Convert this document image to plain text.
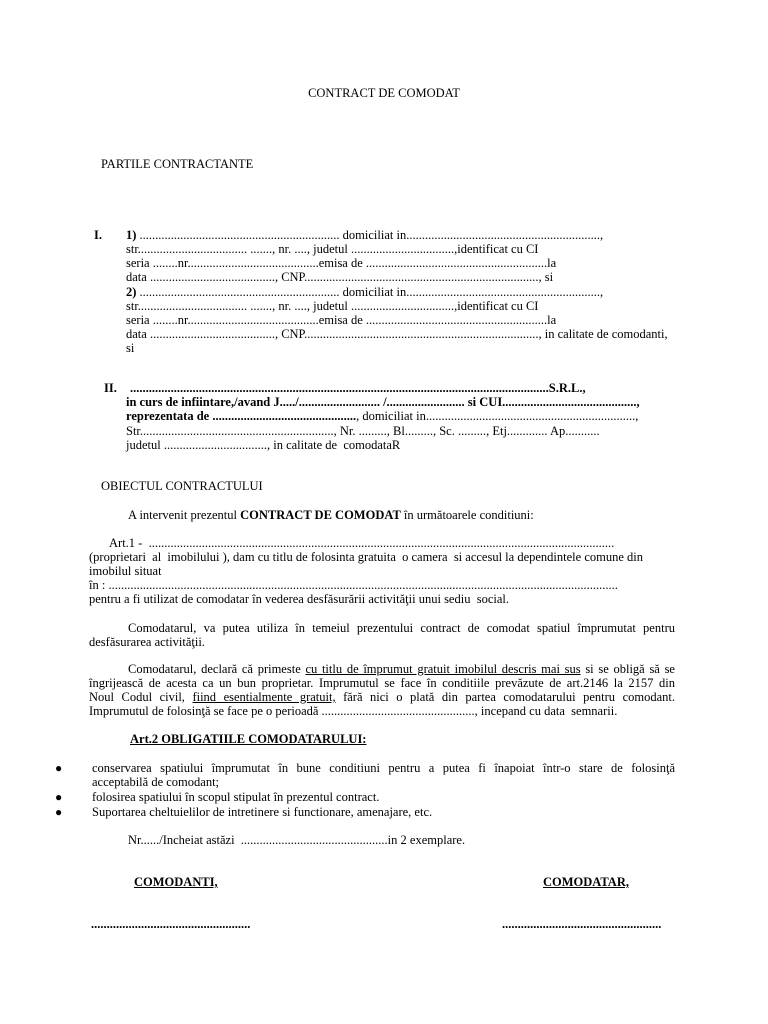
CONTRACT DE COMODAT
PARTILE CONTRACTANTE
I. 1) ................................................................ domiciliat in..............................................................,
str................................... ......., nr. ...., judetul .................................,identificat cu CI
seria ........nr..........................................emisa de ..........................................................la
data ........................................, CNP..........................................................................., si
2) ................................................................ domiciliat in..............................................................,
str................................... ......., nr. ...., judetul .................................,identificat cu CI
seria ........nr..........................................emisa de ..........................................................la
data ........................................, CNP..........................................................................., in calitate de comodanti,
si
II. ......................................................................................................................................S.R.L.,
in curs de infiintare,/avand J...../.......................... /......................... si CUI...........................................,
reprezentata de .............................................., domiciliat in...................................................................,
Str.............................................................., Nr. ........., Bl........., Sc. ........., Etj............. Ap...........
judetul ................................., in calitate de  comodataR
OBIECTUL CONTRACTULUI
A intervenit prezentul CONTRACT DE COMODAT în următoarele conditiuni:
Art.1 -  .....................................................................................................................................................
(proprietari  al  imobilului ), dam cu titlu de folosinta gratuita  o camera  si accesul la dependintele comune din
imobilul situat
în : ...................................................................................................................................................................
pentru a fi utilizat de comodatar în vederea desfăsurării activităţii unui sediu  social.
Comodatarul, va putea utiliza în temeiul prezentului contract de comodat spatiul împrumutat pentru
desfăsurarea activităţii.
Comodatarul, declară că primeste cu titlu de împrumut gratuit imobilul descris mai sus si se obligă să se
îngrijească de acesta ca un bun proprietar. Imprumutul se face în conditiile prevăzute de art.2146 la 2157 din
Noul Codul civil, fiind esentialmente gratuit, fără nici o plată din partea comodatarului pentru comodant.
Imprumutul de folosinţă se face pe o perioadă ................................................., incepand cu data  semnarii.
Art.2 OBLIGATIILE COMODATARULUI:
● conservarea spatiului împrumutat în bune conditiuni pentru a putea fi înapoiat într-o stare de folosinţă
acceptabilă de comodant;
● folosirea spatiului în scopul stipulat în prezentul contract.
● Suportarea cheltuielilor de intretinere si functionare, amenajare, etc.
Nr....../Incheiat astăzi  ...............................................in 2 exemplare.
COMODANTI,	COMODATAR,
...................................................	...................................................
